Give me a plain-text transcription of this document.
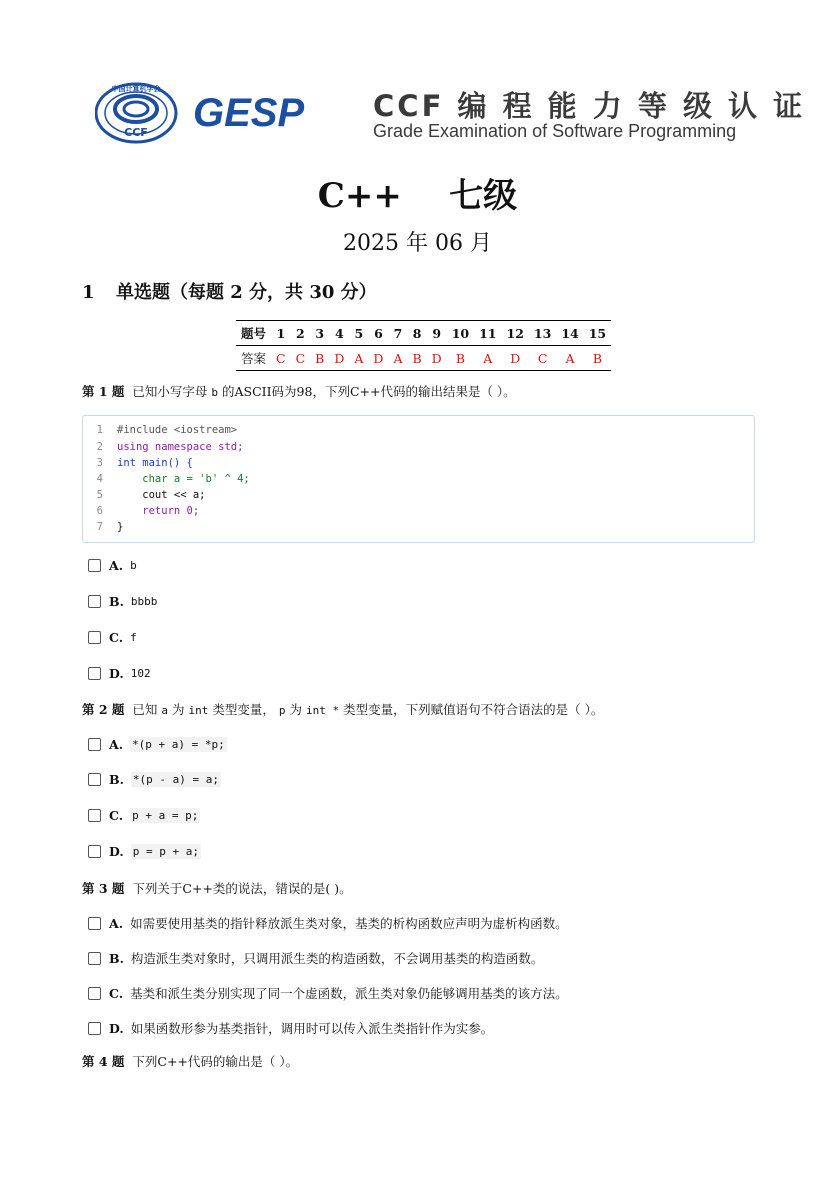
中国计算机学会
CCF GESP CCF 编 程 能 力 等 级 认 证
Grade Examination of Software Programming
C++    七级
2025 年 06 月
1 单选题（每题 2 分，共 30 分）
题号	1	2	3	4	5	6	7	8	9	10	11	12	13	14	15
答案	C	C	B	D	A	D	A	B	D	B	A	D	C	A	B
第 1 题 已知小写字母 b 的ASCII码为98，下列C++代码的输出结果是（ ）。
1 #include <iostream>
2 using namespace std;
3 int main() {
4    char a = 'b' ^ 4;
5    cout << a;
6    return 0;
7 }
A. b
B. bbbb
C. f
D. 102
第 2 题 已知 a 为 int 类型变量， p 为 int * 类型变量，下列赋值语句不符合语法的是（ ）。
A. *(p + a) = *p;
B. *(p - a) = a;
C. p + a = p;
D. p = p + a;
第 3 题 下列关于C++类的说法，错误的是( )。
A. 如需要使用基类的指针释放派生类对象，基类的析构函数应声明为虚析构函数。
B. 构造派生类对象时，只调用派生类的构造函数，不会调用基类的构造函数。
C. 基类和派生类分别实现了同一个虚函数，派生类对象仍能够调用基类的该方法。
D. 如果函数形参为基类指针，调用时可以传入派生类指针作为实参。
第 4 题 下列C++代码的输出是（ ）。
